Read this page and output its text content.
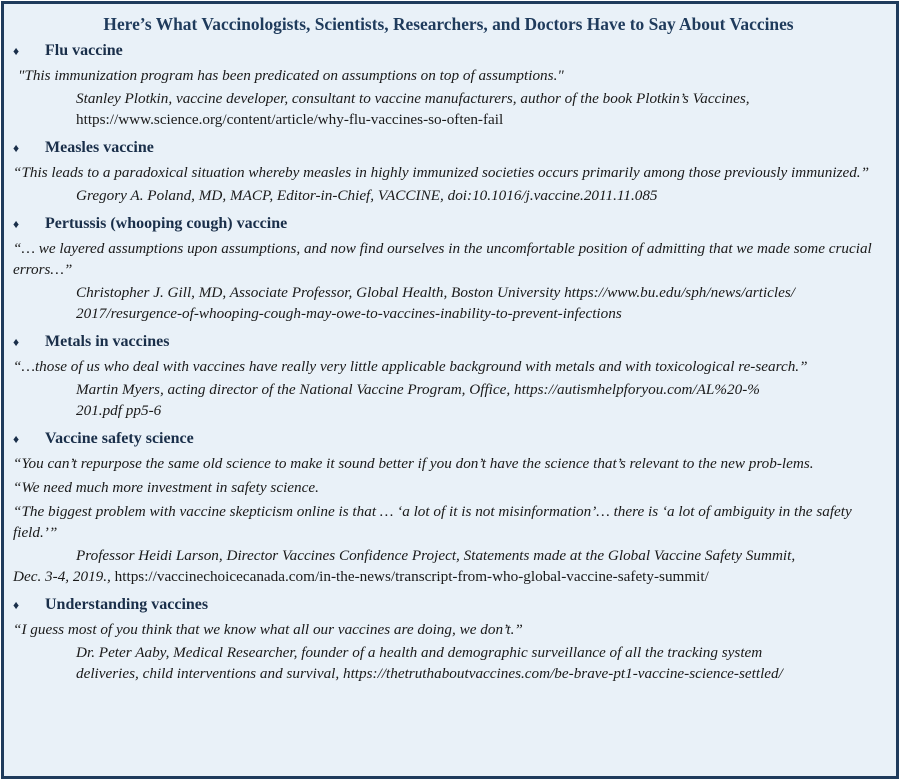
Here’s What Vaccinologists, Scientists, Researchers, and Doctors Have to Say About Vaccines
♦	Flu vaccine
"This immunization program has been predicated on assumptions on top of assumptions."
Stanley Plotkin, vaccine developer, consultant to vaccine manufacturers, author of the book Plotkin’s Vaccines,
https://www.science.org/content/article/why-flu-vaccines-so-often-fail
♦	Measles vaccine
“This leads to a paradoxical situation whereby measles in highly immunized societies occurs primarily among those previously immunized.”
Gregory A. Poland, MD, MACP, Editor-in-Chief, VACCINE, doi:10.1016/j.vaccine.2011.11.085
♦	Pertussis (whooping cough) vaccine
“… we layered assumptions upon assumptions, and now find ourselves in the uncomfortable position of admitting that we made some crucial errors…”
Christopher J. Gill, MD, Associate Professor, Global Health, Boston University https://www.bu.edu/sph/news/articles/
2017/resurgence-of-whooping-cough-may-owe-to-vaccines-inability-to-prevent-infections
♦	Metals in vaccines
“…those of us who deal with vaccines have really very little applicable background with metals and with toxicological re-search.”
Martin Myers, acting director of the National Vaccine Program, Office, https://autismhelpforyou.com/AL%20-%
201.pdf pp5-6
♦	Vaccine safety science
“You can’t repurpose the same old science to make it sound better if you don’t have the science that’s relevant to the new prob-lems.
“We need much more investment in safety science.
“The biggest problem with vaccine skepticism online is that … ‘a lot of it is not misinformation’… there is ‘a lot of ambiguity in the safety field.’”
Professor Heidi Larson, Director Vaccines Confidence Project, Statements made at the Global Vaccine Safety Summit,
Dec. 3-4, 2019., https://vaccinechoicecanada.com/in-the-news/transcript-from-who-global-vaccine-safety-summit/
♦	Understanding vaccines
“I guess most of you think that we know what all our vaccines are doing, we don’t.”
Dr. Peter Aaby, Medical Researcher, founder of a health and demographic surveillance of all the tracking system
deliveries, child interventions and survival, https://thetruthaboutvaccines.com/be-brave-pt1-vaccine-science-settled/
